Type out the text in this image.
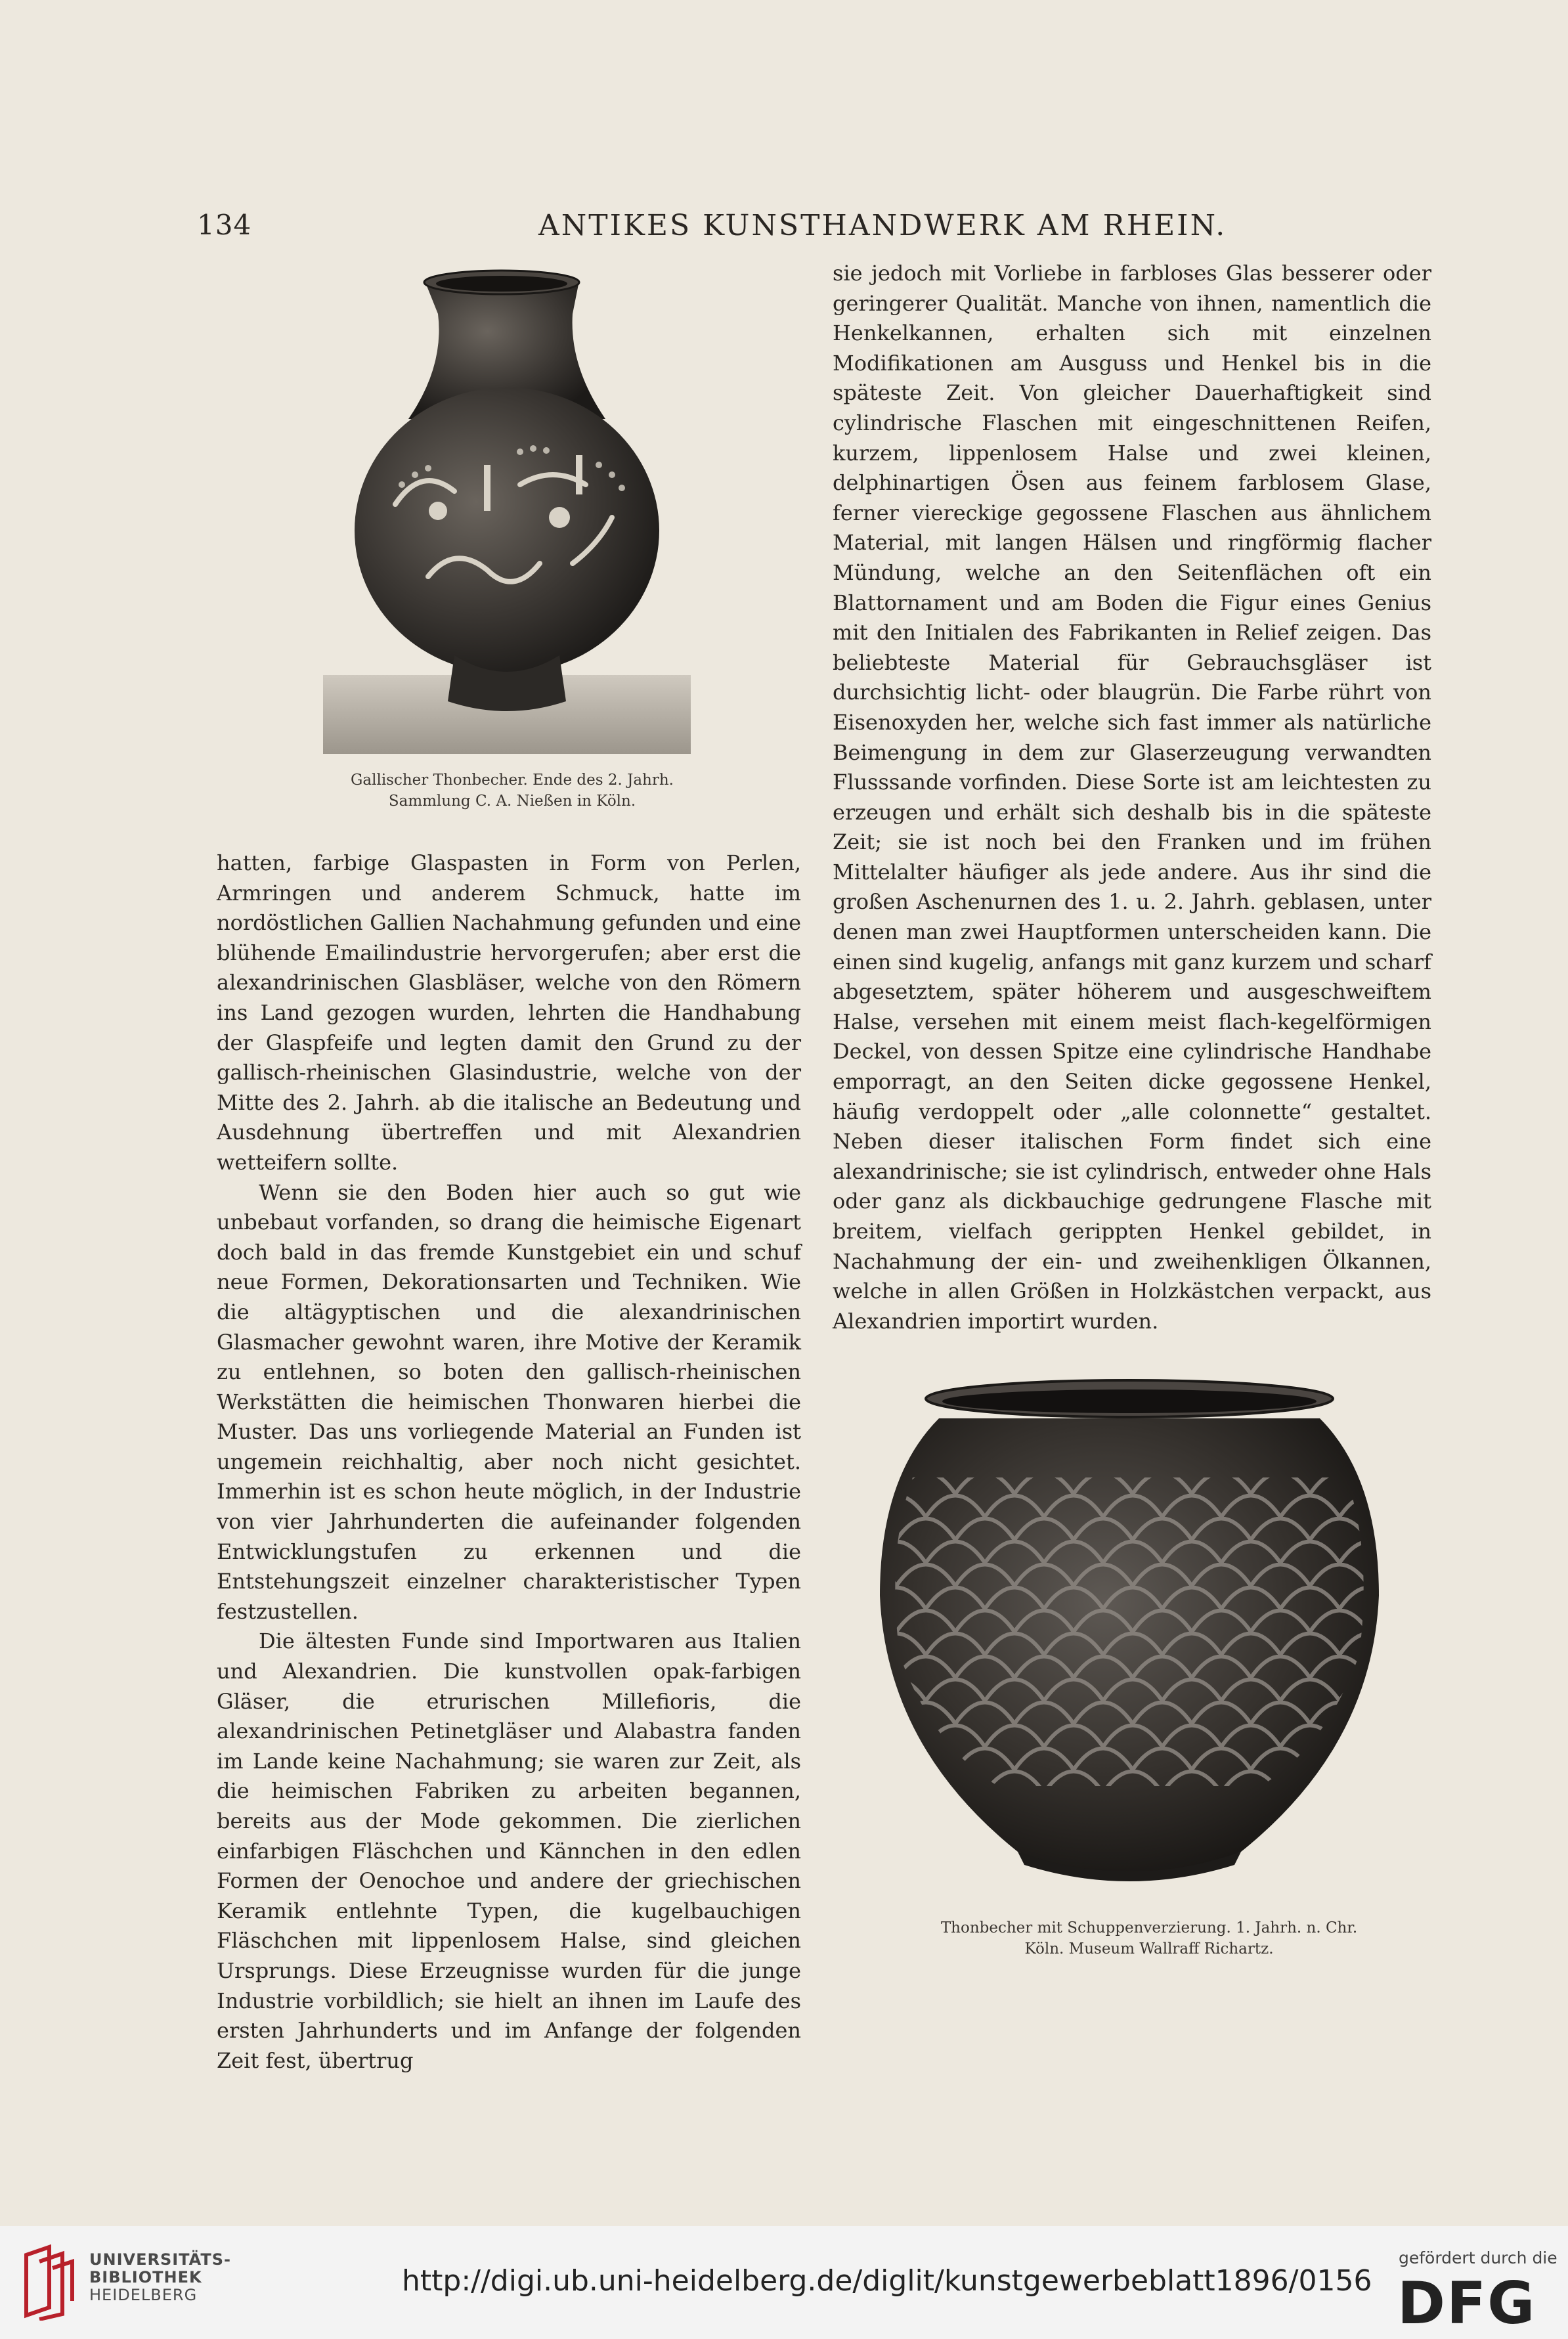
134	ANTIKES KUNSTHANDWERK AM RHEIN.
Gallischer Thonbecher. Ende des 2. Jahrh.
Sammlung C. A. Nießen in Köln.

hatten, farbige Glaspasten in Form von Perlen, Armringen und anderem Schmuck, hatte im nordöstlichen Gallien Nachahmung gefunden und eine blühende Emailindustrie hervorgerufen; aber erst die alexandrinischen Glasbläser, welche von den Römern ins Land gezogen wurden, lehrten die Handhabung der Glaspfeife und legten damit den Grund zu der gallisch-rheinischen Glasindustrie, welche von der Mitte des 2. Jahrh. ab die italische an Bedeutung und Ausdehnung übertreffen und mit Alexandrien wetteifern sollte.

Wenn sie den Boden hier auch so gut wie unbebaut vorfanden, so drang die heimische Eigenart doch bald in das fremde Kunstgebiet ein und schuf neue Formen, Dekorationsarten und Techniken. Wie die altägyptischen und die alexandrinischen Glasmacher gewohnt waren, ihre Motive der Keramik zu entlehnen, so boten den gallisch-rheinischen Werkstätten die heimischen Thonwaren hierbei die Muster. Das uns vorliegende Material an Funden ist ungemein reichhaltig, aber noch nicht gesichtet. Immerhin ist es schon heute möglich, in der Industrie von vier Jahrhunderten die aufeinander folgenden Entwicklungstufen zu erkennen und die Entstehungszeit einzelner charakteristischer Typen festzustellen.

Die ältesten Funde sind Importwaren aus Italien und Alexandrien. Die kunstvollen opak-farbigen Gläser, die etrurischen Millefioris, die alexandrinischen Petinetgläser und Alabastra fanden im Lande keine Nachahmung; sie waren zur Zeit, als die heimischen Fabriken zu arbeiten begannen, bereits aus der Mode gekommen. Die zierlichen einfarbigen Fläschchen und Kännchen in den edlen Formen der Oenochoe und andere der griechischen Keramik entlehnte Typen, die kugelbauchigen Fläschchen mit lippenlosem Halse, sind gleichen Ursprungs. Diese Erzeugnisse wurden für die junge Industrie vorbildlich; sie hielt an ihnen im Laufe des ersten Jahrhunderts und im Anfange der folgenden Zeit fest, übertrug

sie jedoch mit Vorliebe in farbloses Glas besserer oder geringerer Qualität. Manche von ihnen, namentlich die Henkelkannen, erhalten sich mit einzelnen Modifikationen am Ausguss und Henkel bis in die späteste Zeit. Von gleicher Dauerhaftigkeit sind cylindrische Flaschen mit eingeschnittenen Reifen, kurzem, lippenlosem Halse und zwei kleinen, delphinartigen Ösen aus feinem farblosem Glase, ferner viereckige gegossene Flaschen aus ähnlichem Material, mit langen Hälsen und ringförmig flacher Mündung, welche an den Seitenflächen oft ein Blattornament und am Boden die Figur eines Genius mit den Initialen des Fabrikanten in Relief zeigen. Das beliebteste Material für Gebrauchsgläser ist durchsichtig licht- oder blaugrün. Die Farbe rührt von Eisenoxyden her, welche sich fast immer als natürliche Beimengung in dem zur Glaserzeugung verwandten Flusssande vorfinden. Diese Sorte ist am leichtesten zu erzeugen und erhält sich deshalb bis in die späteste Zeit; sie ist noch bei den Franken und im frühen Mittelalter häufiger als jede andere. Aus ihr sind die großen Aschenurnen des 1. u. 2. Jahrh. geblasen, unter denen man zwei Hauptformen unterscheiden kann. Die einen sind kugelig, anfangs mit ganz kurzem und scharf abgesetztem, später höherem und ausgeschweiftem Halse, versehen mit einem meist flach-kegelförmigen Deckel, von dessen Spitze eine cylindrische Handhabe emporragt, an den Seiten dicke gegossene Henkel, häufig verdoppelt oder „alle colonnette“ gestaltet. Neben dieser italischen Form findet sich eine alexandrinische; sie ist cylindrisch, entweder ohne Hals oder ganz als dickbauchige gedrungene Flasche mit breitem, vielfach gerippten Henkel gebildet, in Nachahmung der ein- und zweihenkligen Ölkannen, welche in allen Größen in Holzkästchen verpackt, aus Alexandrien importirt wurden.

Thonbecher mit Schuppenverzierung. 1. Jahrh. n. Chr.
Köln. Museum Wallraff Richartz.
UNIVERSITÄTS-
BIBLIOTHEK
HEIDELBERG	http://digi.ub.uni-heidelberg.de/diglit/kunstgewerbeblatt1896/0156
gefördert durch die
DFG
